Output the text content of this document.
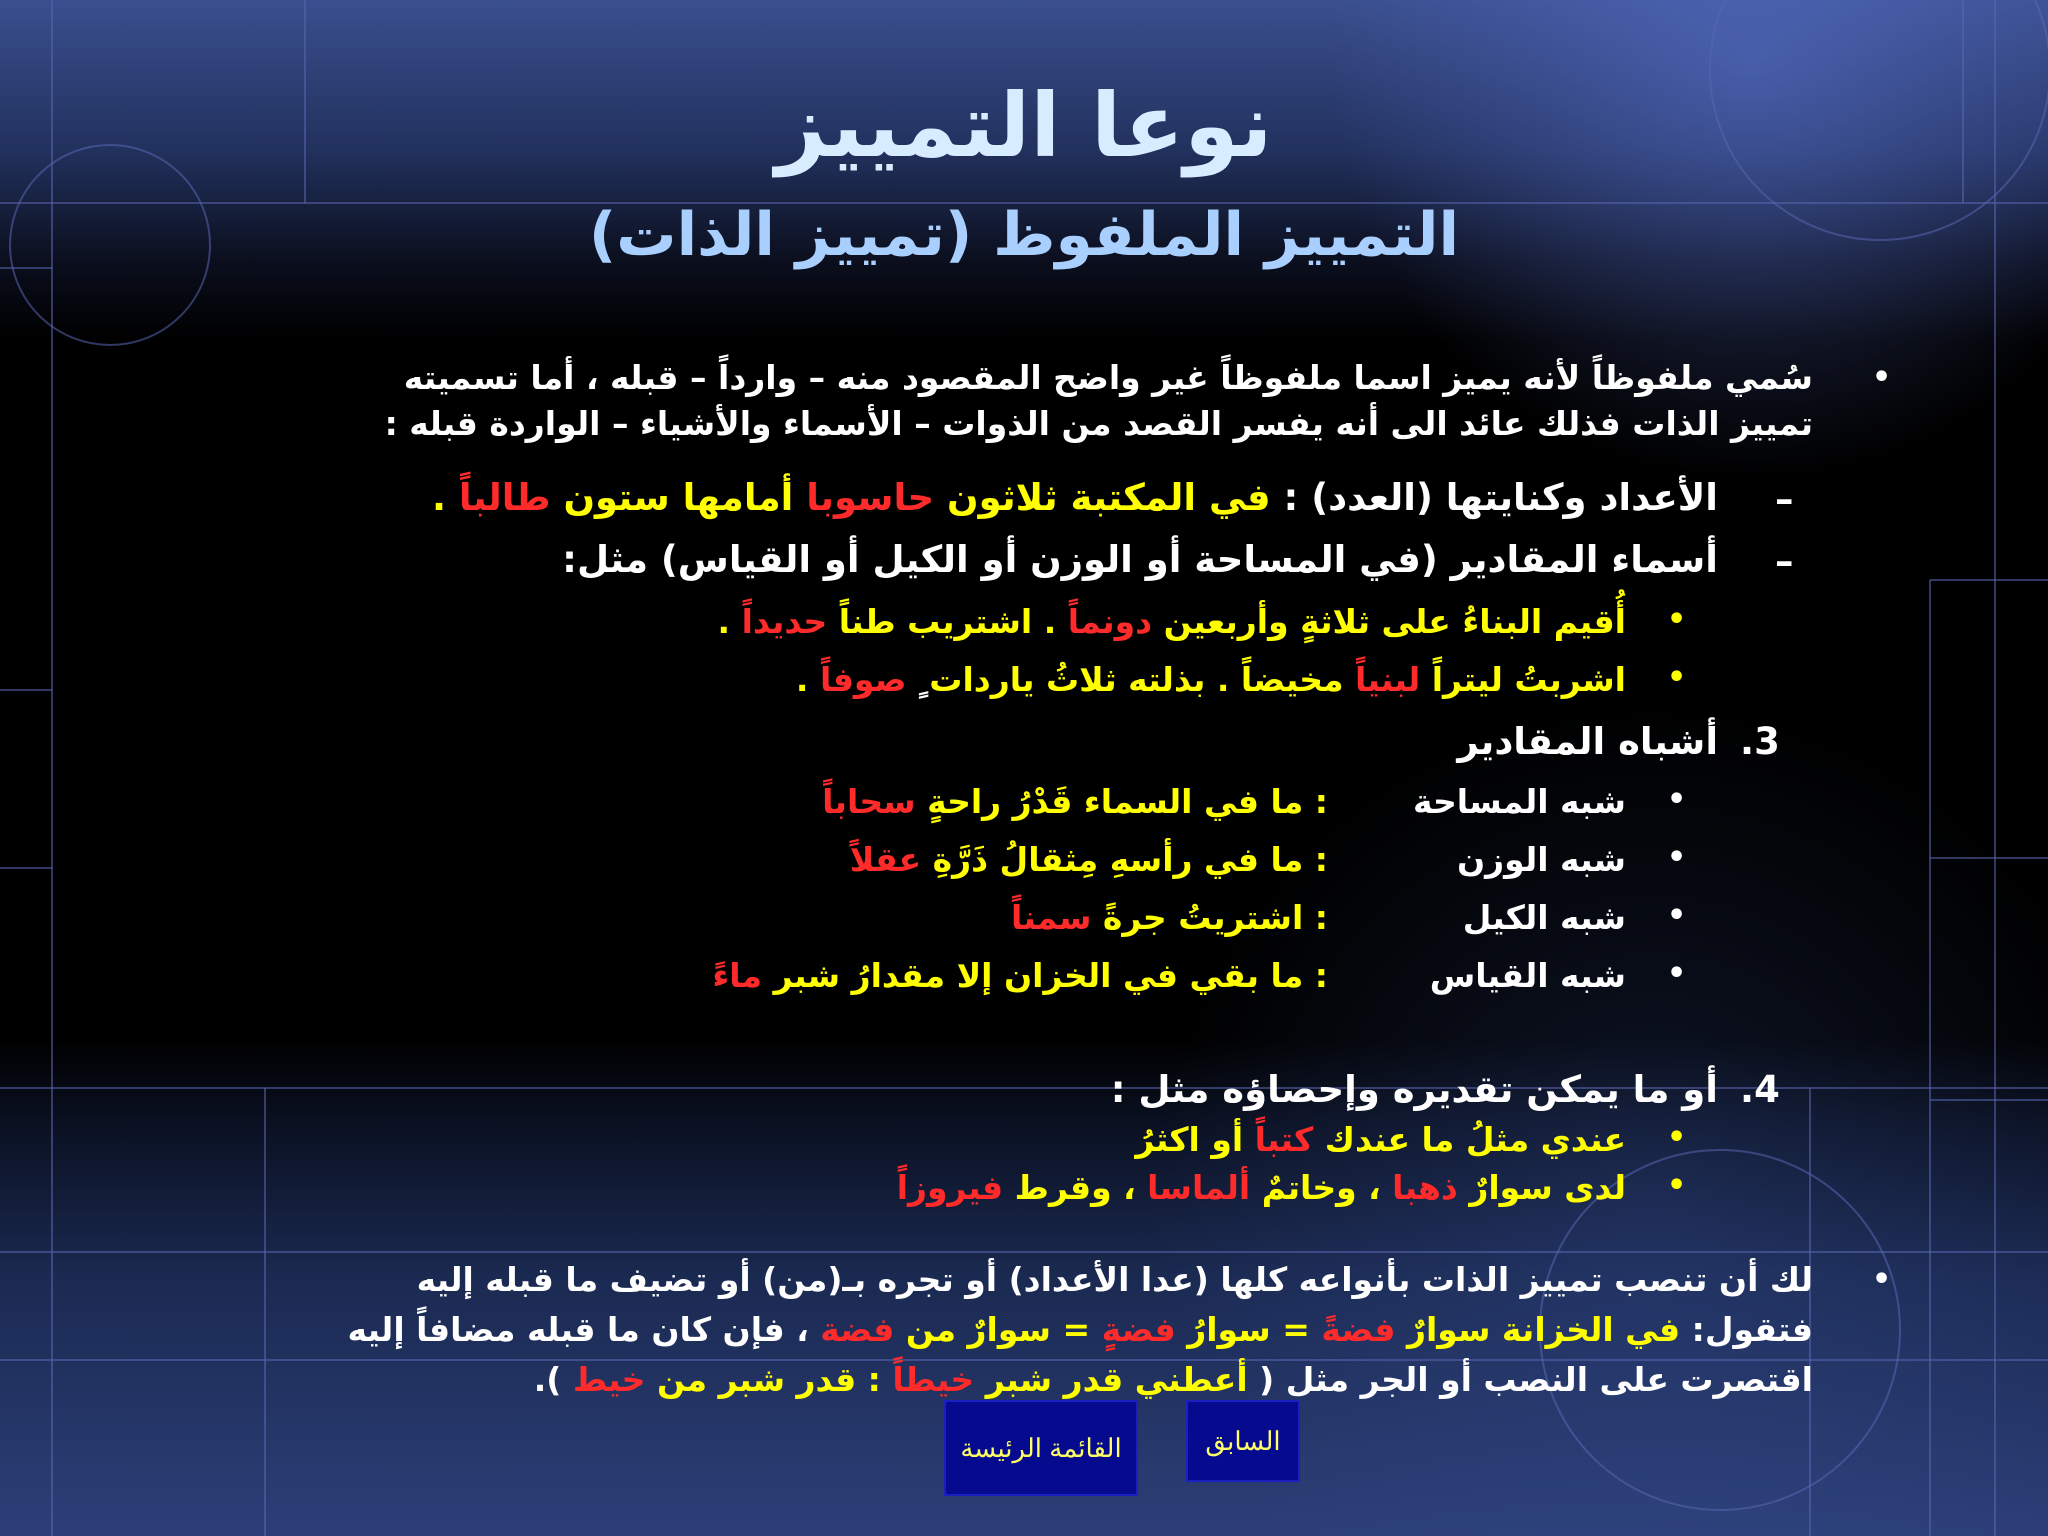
نوعا التمييز
التمييز الملفوظ (تمييز الذات)
•
سُمي ملفوظاً لأنه يميز اسما ملفوظاً غير واضح المقصود منه – وارداً – قبله ، أما تسميته
تمييز الذات فذلك عائد الى أنه يفسر القصد من الذوات – الأسماء والأشياء – الواردة قبله :
–
الأعداد وكنايتها (العدد) : في المكتبة ثلاثون حاسوبا أمامها ستون طالباً .
–
أسماء المقادير (في المساحة أو الوزن أو الكيل أو القياس) مثل:
•
أُقيم البناءُ على ثلاثةٍ وأربعين دونماً . اشتريب طناً حديداً .
•
اشربتُ ليتراً لبنياً مخيضاً . بذلته ثلاثُ ياردات ٍ صوفاً .
3.
أشباه المقادير
•
شبه المساحة
: ما في السماء قَدْرُ راحةٍ سحاباً
•
شبه الوزن
: ما في رأسهِ مِثقالُ ذَرَّةِ عقلاً
•
شبه الكيل
: اشتريتُ جرةً سمناً
•
شبه القياس
: ما بقي في الخزان إلا مقدارُ شبر ماءً
4.
أو ما يمكن تقديره وإحصاؤه مثل :
•
عندي مثلُ ما عندك كتباً أو اكثرُ
•
لدى سوارٌ ذهبا ، وخاتمٌ ألماسا ، وقرط فيروزاً
•
لك أن تنصب تمييز الذات بأنواعه كلها (عدا الأعداد) أو تجره بـ(من) أو تضيف ما قبله إليه
فتقول: في الخزانة سوارٌ فضةً = سوارُ فضةٍ = سوارٌ من فضة ، فإن كان ما قبله مضافاً إليه
اقتصرت على النصب أو الجر مثل ( أعطني قدر شبر خيطاً : قدر شبر من خيط ).
القائمة الرئيسة	السابق
